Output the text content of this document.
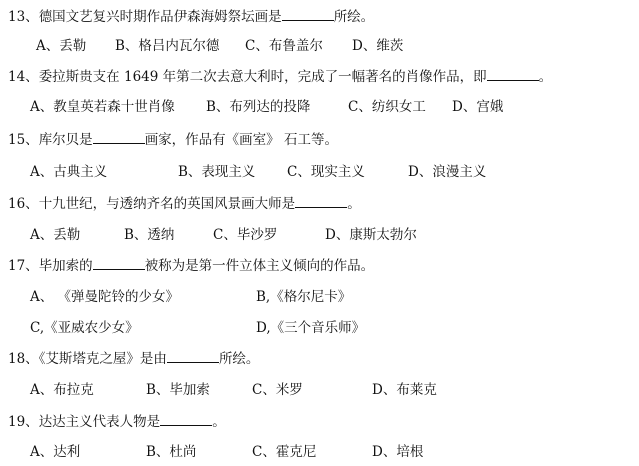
13、德国文艺复兴时期作品伊森海姆祭坛画是	所绘。
A、丢勒 B、格吕内瓦尔德 C、布鲁盖尔 D、维茨
14、委拉斯贵支在 1649 年第二次去意大利时，完成了一幅著名的肖像作品，即	。
A、教皇英若森十世肖像 B、布列达的投降	C、纺织女工 D、宫娥
15、库尔贝是	画家，作品有《画室》 石工等。
A、古典主义	B、表现主义 C、现实主义	D、浪漫主义
16、十九世纪，与透纳齐名的英国风景画大师是	。
A、丢勒	B、透纳	C、毕沙罗	D、康斯太勃尔
17、毕加索的	被称为是第一件立体主义倾向的作品。
A、 《弹曼陀铃的少女》	B,《格尔尼卡》
C,《亚威农少女》	D,《三个音乐师》
18、《艾斯塔克之屋》是由	所绘。
A、布拉克	B、毕加索	C、米罗	D、布莱克
19、达达主义代表人物是	。
A、达利	B、杜尚	C、霍克尼	D、培根
